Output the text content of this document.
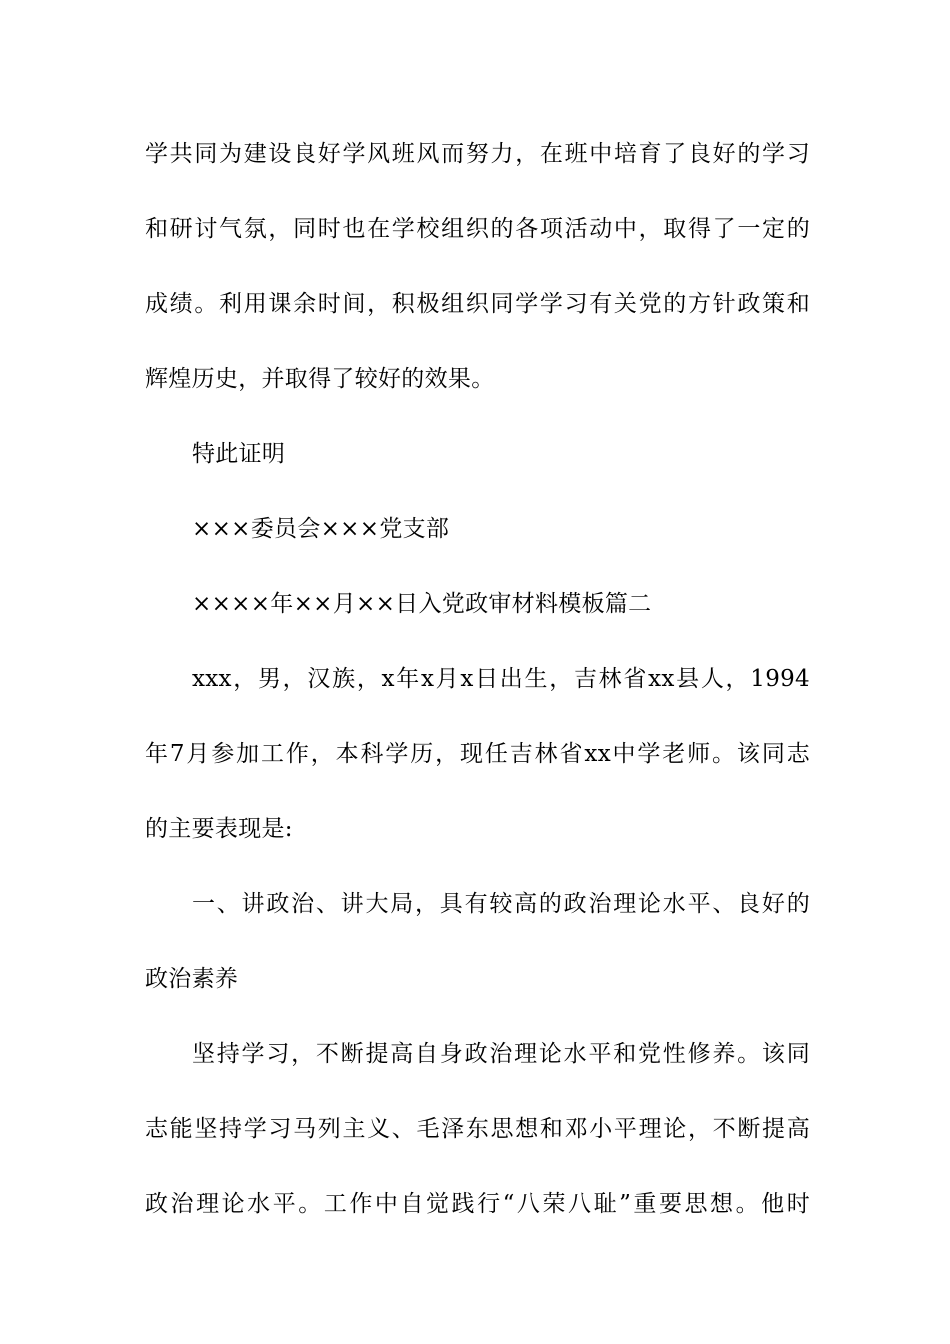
学共同为建设良好学风班风而努力，在班中培育了良好的学习
和研讨气氛，同时也在学校组织的各项活动中，取得了一定的
成绩。利用课余时间，积极组织同学学习有关党的方针政策和
辉煌历史，并取得了较好的效果。
特此证明
×××委员会×××党支部
××××年××月××日入党政审材料模板篇二
xxx，男，汉族，x年x月x日出生，吉林省xx县人，1994
年7月参加工作，本科学历，现任吉林省xx中学老师。该同志
的主要表现是:
一、讲政治、讲大局，具有较高的政治理论水平、良好的
政治素养
坚持学习，不断提高自身政治理论水平和党性修养。该同
志能坚持学习马列主义、毛泽东思想和邓小平理论，不断提高
政治理论水平。工作中自觉践行“八荣八耻”重要思想。他时
